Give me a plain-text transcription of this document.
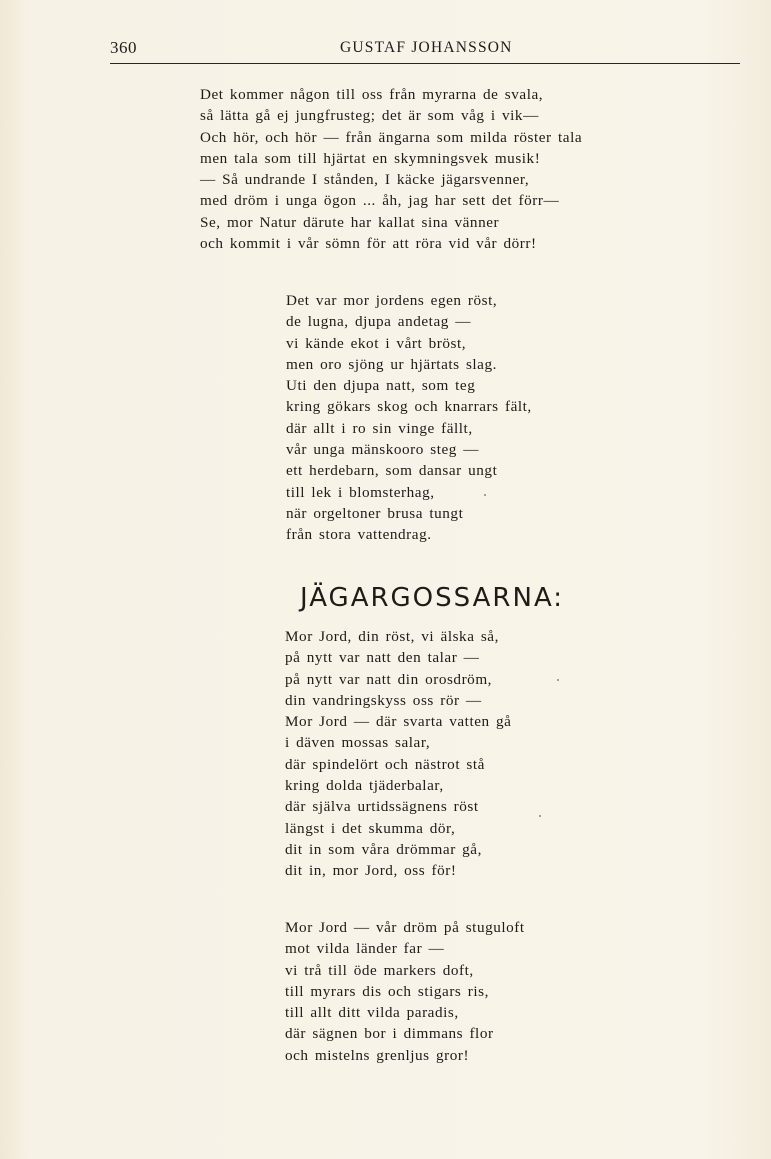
360	GUSTAF JOHANSSON
Det kommer någon till oss från myrarna de svala,
så lätta gå ej jungfrusteg; det är som våg i vik—
Och hör, och hör — från ängarna som milda röster tala
men tala som till hjärtat en skymningsvek musik!
— Så undrande I stånden, I käcke jägarsvenner,
med dröm i unga ögon ... åh, jag har sett det förr—
Se, mor Natur därute har kallat sina vänner
och kommit i vår sömn för att röra vid vår dörr!
Det var mor jordens egen röst,
de lugna, djupa andetag —
vi kände ekot i vårt bröst,
men oro sjöng ur hjärtats slag.
Uti den djupa natt, som teg
kring gökars skog och knarrars fält,
där allt i ro sin vinge fällt,
vår unga mänskooro steg —
ett herdebarn, som dansar ungt
till lek i blomsterhag,
när orgeltoner brusa tungt
från stora vattendrag.
JÄGARGOSSARNA:
Mor Jord, din röst, vi älska så,
på nytt var natt den talar —
på nytt var natt din orosdröm,
din vandringskyss oss rör —
Mor Jord — där svarta vatten gå
i däven mossas salar,
där spindelört och nästrot stå
kring dolda tjäderbalar,
där själva urtidssägnens röst
längst i det skumma dör,
dit in som våra drömmar gå,
dit in, mor Jord, oss för!
Mor Jord — vår dröm på stuguloft
mot vilda länder far —
vi trå till öde markers doft,
till myrars dis och stigars ris,
till allt ditt vilda paradis,
där sägnen bor i dimmans flor
och mistelns grenljus gror!
